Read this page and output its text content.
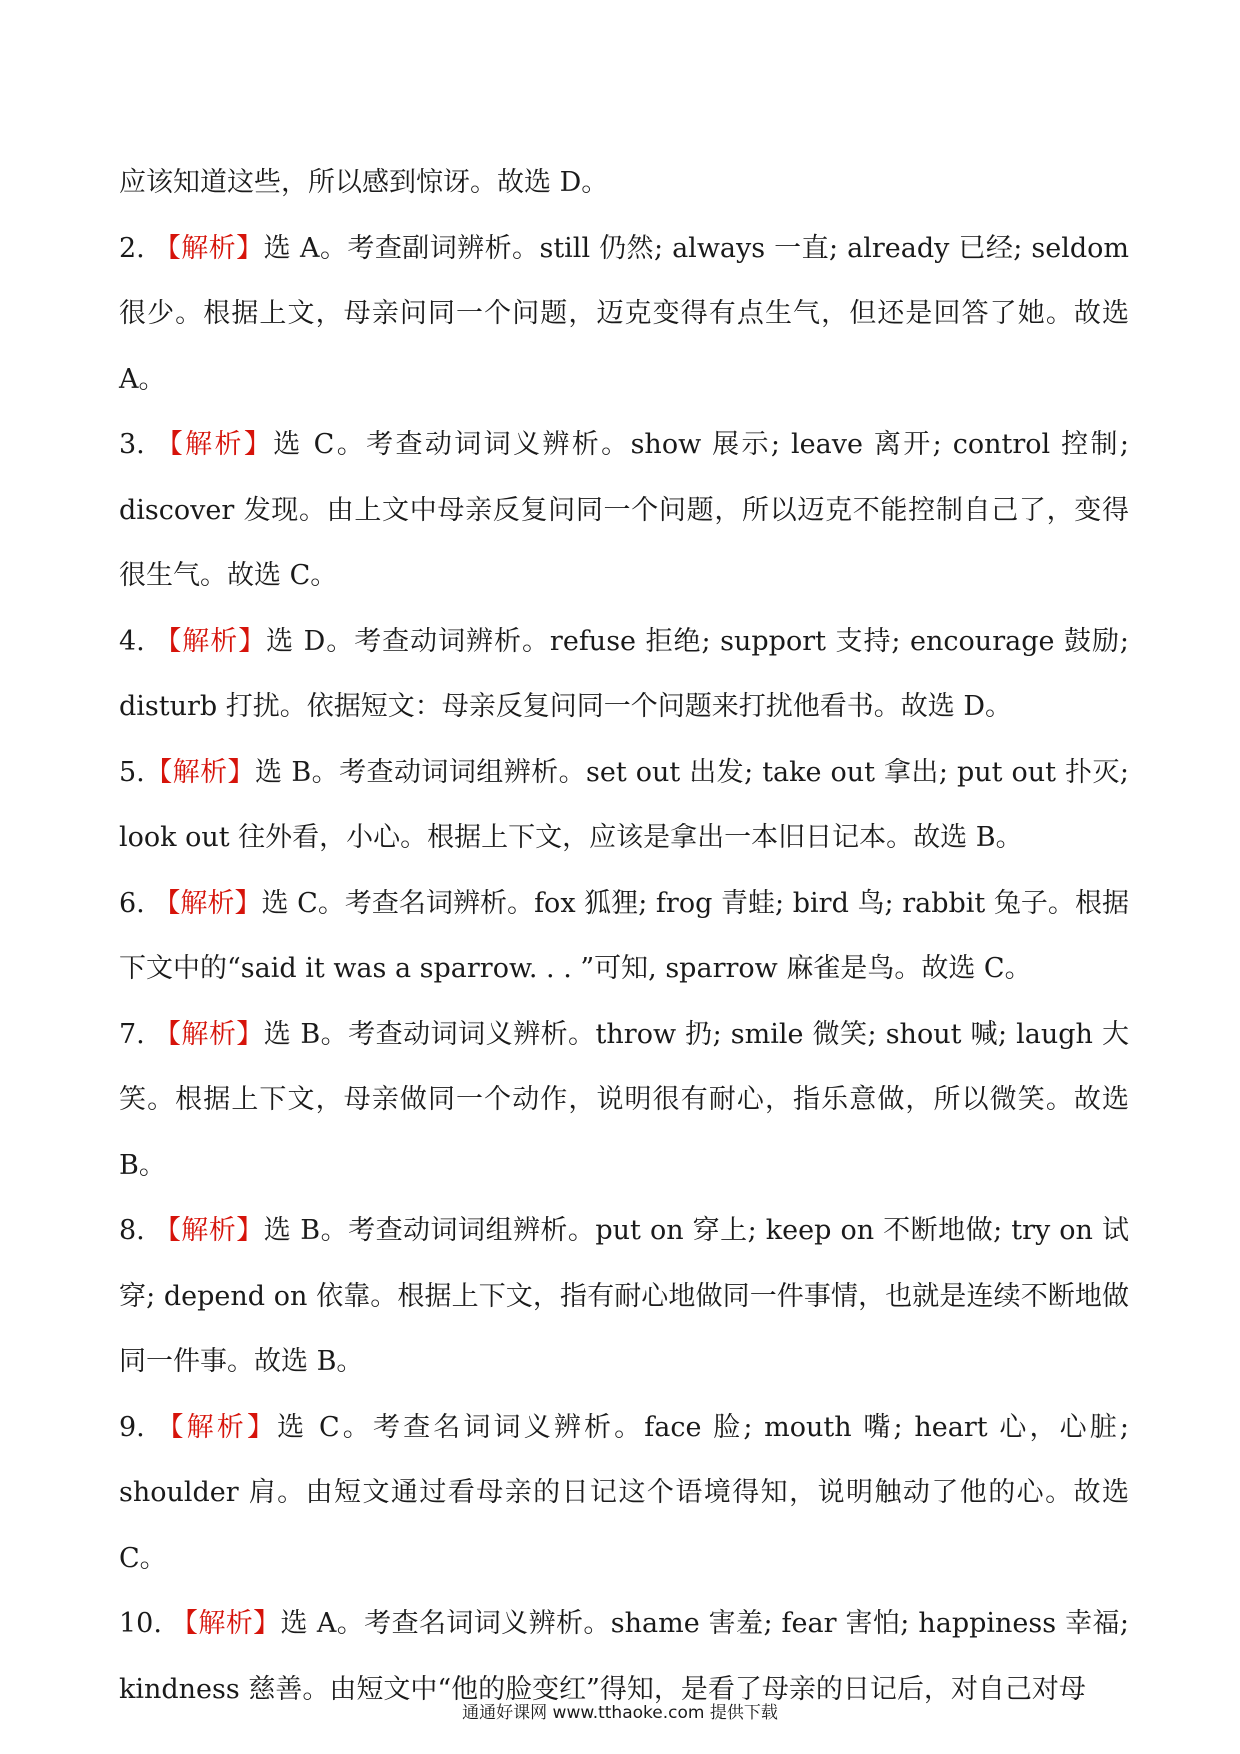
应该知道这些，所以感到惊讶。故选 D。

2. 【解析】选 A。考查副词辨析。still 仍然; always 一直; already 已经; seldom 很少。根据上文，母亲问同一个问题，迈克变得有点生气，但还是回答了她。故选 A。

3. 【解析】选 C。考查动词词义辨析。show 展示; leave 离开; control 控制; discover 发现。由上文中母亲反复问同一个问题，所以迈克不能控制自己了，变得很生气。故选 C。

4. 【解析】选 D。考查动词辨析。refuse 拒绝; support 支持; encourage 鼓励; disturb 打扰。依据短文：母亲反复问同一个问题来打扰他看书。故选 D。

5.【解析】选 B。考查动词词组辨析。set out 出发; take out 拿出; put out 扑灭; look out 往外看，小心。根据上下文，应该是拿出一本旧日记本。故选 B。

6. 【解析】选 C。考查名词辨析。fox 狐狸; frog 青蛙; bird 鸟; rabbit 兔子。根据下文中的“said it was a sparrow. . . ”可知, sparrow 麻雀是鸟。故选 C。

7. 【解析】选 B。考查动词词义辨析。throw 扔; smile 微笑; shout 喊; laugh 大笑。根据上下文，母亲做同一个动作，说明很有耐心，指乐意做，所以微笑。故选 B。

8. 【解析】选 B。考查动词词组辨析。put on 穿上; keep on 不断地做; try on 试穿; depend on 依靠。根据上下文，指有耐心地做同一件事情，也就是连续不断地做同一件事。故选 B。

9. 【解析】选 C。考查名词词义辨析。face 脸; mouth 嘴; heart 心，心脏; shoulder 肩。由短文通过看母亲的日记这个语境得知，说明触动了他的心。故选 C。

10. 【解析】选 A。考查名词词义辨析。shame 害羞; fear 害怕; happiness 幸福; kindness 慈善。由短文中“他的脸变红”得知，是看了母亲的日记后，对自己对母

通通好课网 www.tthaoke.com 提供下载
